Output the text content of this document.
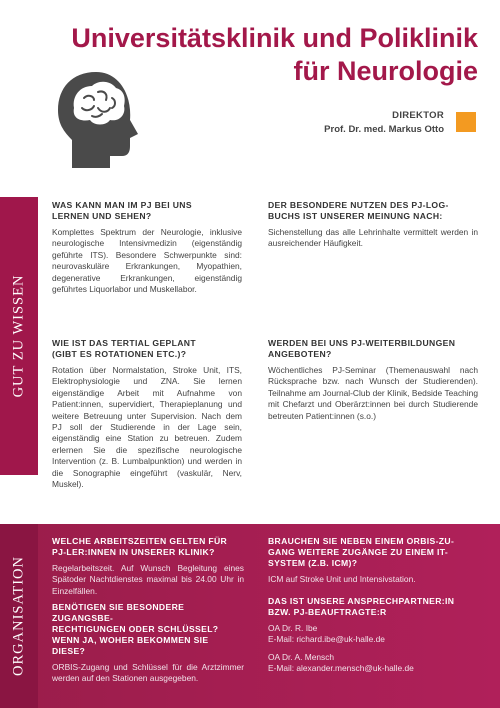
Universitätsklinik und Poliklinik
für Neurologie
DIREKTOR
Prof. Dr. med. Markus Otto
GUT ZU WISSEN
WAS KANN MAN IM PJ BEI UNS
LERNEN UND SEHEN?

Komplettes Spektrum der Neurologie, inklusive neurologische Intensivmedizin (eigenständig geführte ITS). Besondere Schwerpunkte sind: neurovaskuläre Erkrankungen, Myopathien, degenerative Erkrankungen, eigenständig geführtes Liquorlabor und Muskellabor.

DER BESONDERE NUTZEN DES PJ-LOG-
BUCHS IST UNSERER MEINUNG NACH:

Sichenstellung das alle Lehrinhalte vermittelt werden in ausreichender Häufigkeit.

WIE IST DAS TERTIAL GEPLANT
(GIBT ES ROTATIONEN ETC.)?

Rotation über Normalstation, Stroke Unit, ITS, Elektrophysiologie und ZNA. Sie lernen eigenständige Arbeit mit Aufnahme von Patient:innen, supervidiert, Therapieplanung und weitere Betreuung unter Supervision. Nach dem PJ soll der Studierende in der Lage sein, eigenständig eine Station zu betreuen. Zudem erlernen Sie die spezifische neurologische Intervention (z. B. Lumbalpunktion) und werden in die Sonographie eingeführt (vaskulär, Nerv, Muskel).

WERDEN BEI UNS PJ-WEITERBILDUNGEN
ANGEBOTEN?

Wöchentliches PJ-Seminar (Themenauswahl nach Rücksprache bzw. nach Wunsch der Studierenden). Teilnahme am Journal-Club der Klinik, Bedside Teaching mit Chefarzt und Oberärzt:innen bei durch Studierende betreuten Patient:innen (s.o.)

ORGANISATION
WELCHE ARBEITSZEITEN GELTEN FÜR
PJ-LER:INNEN IN UNSERER KLINIK?

Regelarbeitszeit. Auf Wunsch Begleitung eines Spätoder Nachtdienstes maximal bis 24.00 Uhr in Einzelfällen.

BENÖTIGEN SIE BESONDERE ZUGANGSBE-
RECHTIGUNGEN ODER SCHLÜSSEL?
WENN JA, WOHER BEKOMMEN SIE DIESE?

ORBIS-Zugang und Schlüssel für die Arztzimmer werden auf den Stationen ausgegeben.

BRAUCHEN SIE NEBEN EINEM ORBIS-ZU-
GANG WEITERE ZUGÄNGE ZU EINEM IT-
SYSTEM (Z.B. ICM)?

ICM auf Stroke Unit und Intensivstation.

DAS IST UNSERE ANSPRECHPARTNER:IN
BZW. PJ-BEAUFTRAGTE:R

OA Dr. R. Ibe

E-Mail: richard.ibe@uk-halle.de

OA Dr. A. Mensch

E-Mail: alexander.mensch@uk-halle.de
